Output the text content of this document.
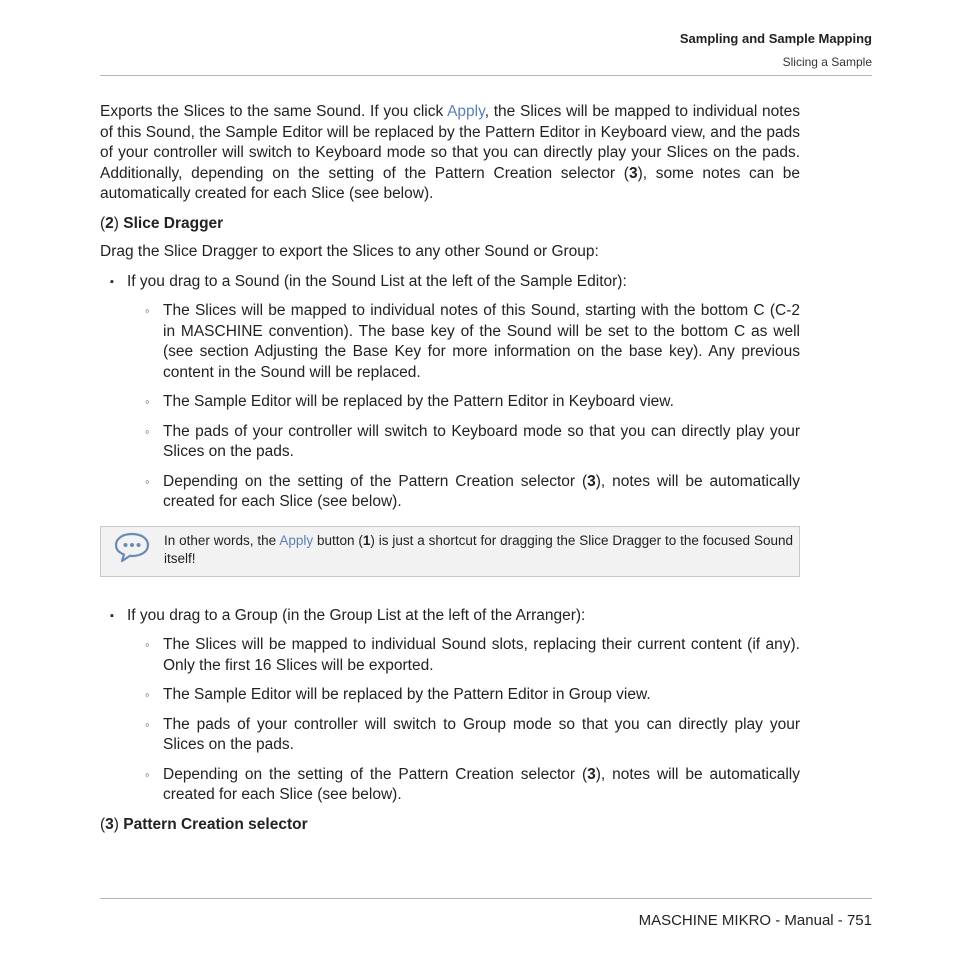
Sampling and Sample Mapping
Slicing a Sample

Exports the Slices to the same Sound. If you click Apply, the Slices will be mapped to individual notes of this Sound, the Sample Editor will be replaced by the Pattern Editor in Keyboard view, and the pads of your controller will switch to Keyboard mode so that you can directly play your Slices on the pads. Additionally, depending on the setting of the Pattern Creation selector (3), some notes can be automatically created for each Slice (see below).

(2) Slice Dragger

Drag the Slice Dragger to export the Slices to any other Sound or Group:

▪ If you drag to a Sound (in the Sound List at the left of the Sample Editor):
◦ The Slices will be mapped to individual notes of this Sound, starting with the bottom C (C-2 in MASCHINE convention). The base key of the Sound will be set to the bottom C as well (see section Adjusting the Base Key for more information on the base key). Any previous content in the Sound will be replaced.
◦ The Sample Editor will be replaced by the Pattern Editor in Keyboard view.
◦ The pads of your controller will switch to Keyboard mode so that you can directly play your Slices on the pads.
◦ Depending on the setting of the Pattern Creation selector (3), notes will be automatically created for each Slice (see below).
In other words, the Apply button (1) is just a shortcut for dragging the Slice Dragger to the focused Sound itself!
▪ If you drag to a Group (in the Group List at the left of the Arranger):
◦ The Slices will be mapped to individual Sound slots, replacing their current content (if any). Only the first 16 Slices will be exported.
◦ The Sample Editor will be replaced by the Pattern Editor in Group view.
◦ The pads of your controller will switch to Group mode so that you can directly play your Slices on the pads.
◦ Depending on the setting of the Pattern Creation selector (3), notes will be automatically created for each Slice (see below).

(3) Pattern Creation selector

MASCHINE MIKRO - Manual - 751
